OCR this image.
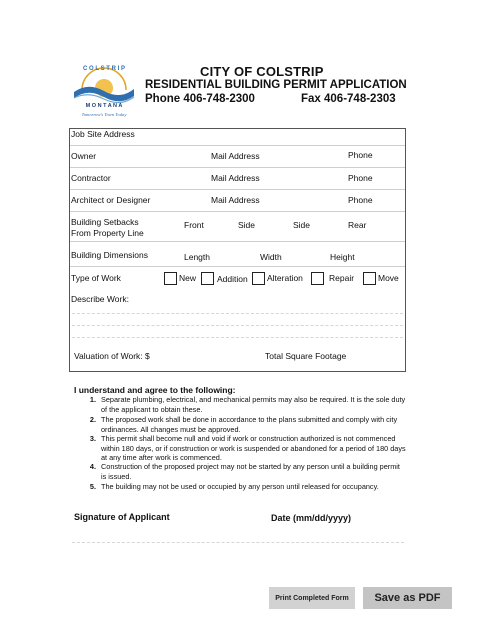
C O L S T R I P
M O N T A N A
Tomorrow's Town Today
CITY OF COLSTRIP
RESIDENTIAL BUILDING PERMIT APPLICATION
Phone 406-748-2300	Fax 406-748-2303
Job Site Address
Owner	Mail Address	Phone
Contractor	Mail Address	Phone
Architect or Designer	Mail Address	Phone
Building Setbacks
From Property Line
Front	Side	Side	Rear
Building Dimensions	Length	Width	Height
Type of Work	New Addition Alteration	Repair	Move
Describe Work:
Valuation of Work: $	Total Square Footage
I understand and agree to the following:
1. Separate plumbing, electrical, and mechanical permits may also be required. It is the sole duty of the applicant to obtain these.
2. The proposed work shall be done in accordance to the plans submitted and comply with city ordinances. All changes must be approved.
3. This permit shall become null and void if work or construction authorized is not commenced within 180 days, or if construction or work is suspended or abandoned for a period of 180 days at any time after work is commenced.
4. Construction of the proposed project may not be started by any person until a building permit is issued.
5. The building may not be used or occupied by any person until released for occupancy.
Signature of Applicant	Date (mm/dd/yyyy)
Print Completed Form	Save as PDF
